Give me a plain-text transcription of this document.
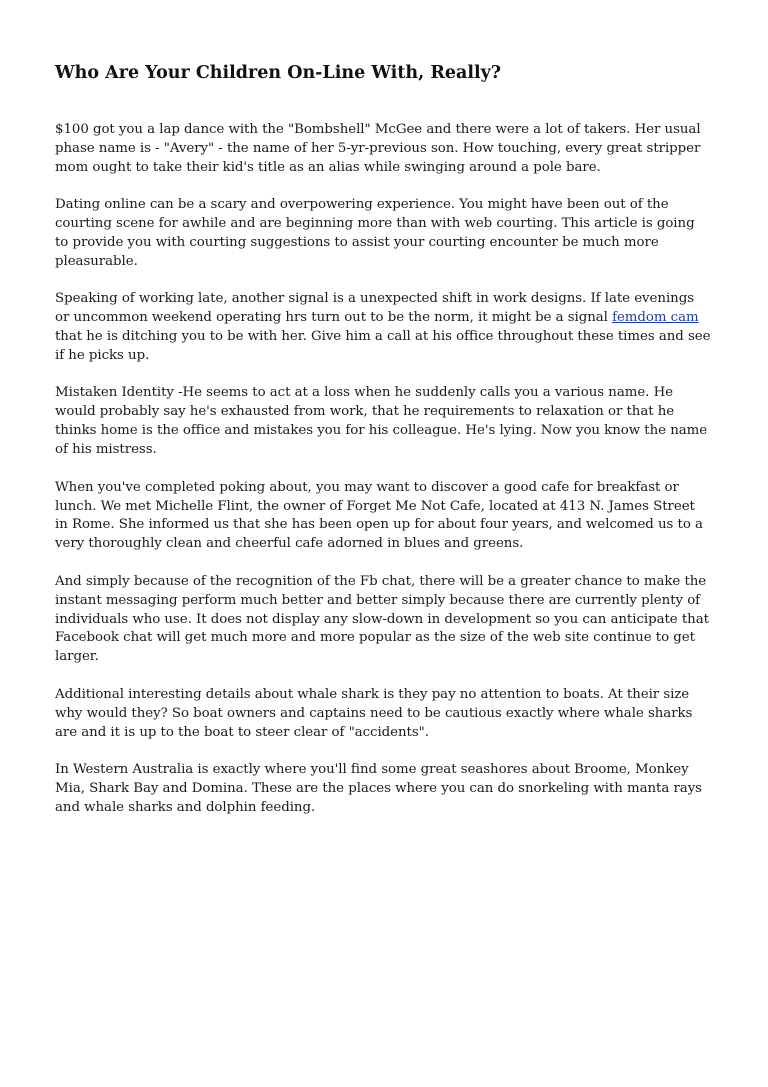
Who Are Your Children On-Line With, Really?

$100 got you a lap dance with the "Bombshell" McGee and there were a lot of takers. Her usual phase name is - "Avery" - the name of her 5-yr-previous son. How touching, every great stripper mom ought to take their kid's title as an alias while swinging around a pole bare.

Dating online can be a scary and overpowering experience. You might have been out of the courting scene for awhile and are beginning more than with web courting. This article is going to provide you with courting suggestions to assist your courting encounter be much more pleasurable.

Speaking of working late, another signal is a unexpected shift in work designs. If late evenings or uncommon weekend operating hrs turn out to be the norm, it might be a signal femdom cam that he is ditching you to be with her. Give him a call at his office throughout these times and see if he picks up.

Mistaken Identity -He seems to act at a loss when he suddenly calls you a various name. He would probably say he's exhausted from work, that he requirements to relaxation or that he thinks home is the office and mistakes you for his colleague. He's lying. Now you know the name of his mistress.

When you've completed poking about, you may want to discover a good cafe for breakfast or lunch. We met Michelle Flint, the owner of Forget Me Not Cafe, located at 413 N. James Street in Rome. She informed us that she has been open up for about four years, and welcomed us to a very thoroughly clean and cheerful cafe adorned in blues and greens.

And simply because of the recognition of the Fb chat, there will be a greater chance to make the instant messaging perform much better and better simply because there are currently plenty of individuals who use. It does not display any slow-down in development so you can anticipate that Facebook chat will get much more and more popular as the size of the web site continue to get larger.

Additional interesting details about whale shark is they pay no attention to boats. At their size why would they? So boat owners and captains need to be cautious exactly where whale sharks are and it is up to the boat to steer clear of "accidents".

In Western Australia is exactly where you'll find some great seashores about Broome, Monkey Mia, Shark Bay and Domina. These are the places where you can do snorkeling with manta rays and whale sharks and dolphin feeding.
